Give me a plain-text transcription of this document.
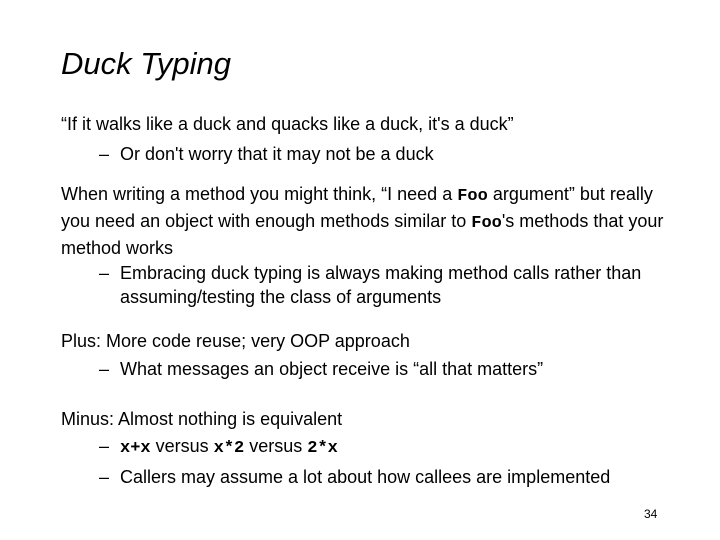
Duck Typing

“If it walks like a duck and quacks like a duck, it's a duck”

– Or don't worry that it may not be a duck

When writing a method you might think, “I need a Foo argument” but really you need an object with enough methods similar to Foo's methods that your method works

– Embracing duck typing is always making method calls rather than assuming/testing the class of arguments

Plus: More code reuse; very OOP approach

– What messages an object receive is “all that matters”

Minus: Almost nothing is equivalent

– x+x versus x*2 versus 2*x

– Callers may assume a lot about how callees are implemented

34
